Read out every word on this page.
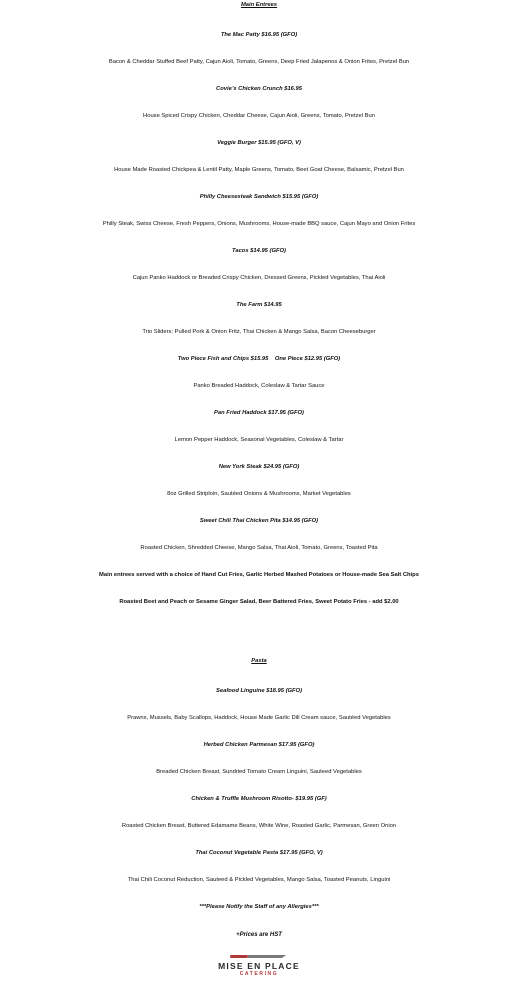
Main Entrees
The Mac Patty $16.95 (GFO)
Bacon & Cheddar Stuffed Beef Patty, Cajun Aioli, Tomato, Greens, Deep Fried Jalapenos & Onion Frites, Pretzel Bun
Covie’s Chicken Crunch $16.95
House Spiced Crispy Chicken, Cheddar Cheese, Cajun Aioli, Greens, Tomato, Pretzel Bun
Veggie Burger $15.95 (GFO, V)
House Made Roasted Chickpea & Lentil Patty, Maple Greens, Tomato, Beet Goat Cheese, Balsamic, Pretzel Bun
Philly Cheesesteak Sandwich $15.95 (GFO)
Philly Steak, Swiss Cheese, Fresh Peppers, Onions, Mushrooms, House-made BBQ sauce, Cajun Mayo and Onion Frites
Tacos $14.95 (GFO)
Cajun Panko Haddock or Breaded Crispy Chicken, Dressed Greens, Pickled Vegetables, Thai Aioli
The Farm $14.95
Trio Sliders: Pulled Pork & Onion Fritz, Thai Chicken & Mango Salsa, Bacon Cheeseburger
Two Piece Fish and Chips $15.95    One Piece $12.95 (GFO)
Panko Breaded Haddock, Coleslaw & Tartar Sauce
Pan Fried Haddock $17.95 (GFO)
Lemon Pepper Haddock, Seasonal Vegetables, Coleslaw & Tartar
New York Steak $24.95 (GFO)
8oz Grilled Striploin, Sautéed Onions & Mushrooms, Market Vegetables
Sweet Chili Thai Chicken Pita $14.95 (GFO)
Roasted Chicken, Shredded Cheese, Mango Salsa, Thai Aioli, Tomato, Greens, Toasted Pita
Main entrees served with a choice of Hand Cut Fries, Garlic Herbed Mashed Potatoes or House-made Sea Salt Chips
Roasted Beet and Peach or Sesame Ginger Salad, Beer Battered Fries, Sweet Potato Fries - add $2.00
Pasta
Seafood Linguine $18.95 (GFO)
Prawns, Mussels, Baby Scallops, Haddock, House Made Garlic Dill Cream sauce, Sautéed Vegetables
Herbed Chicken Parmesan $17.95 (GFO)
Breaded Chicken Breast, Sundried Tomato Cream Linguini, Sauteed Vegetables
Chicken & Truffle Mushroom Risotto- $19.95 (GF)
Roasted Chicken Breast, Buttered Edamame Beans, White Wine, Roasted Garlic, Parmesan, Green Onion
Thai Coconut Vegetable Pasta $17.95 (GFO, V)
Thai Chili Coconut Reduction, Sauteed & Pickled Vegetables, Mango Salsa, Toasted Peanuts, Linguini
***Please Notify the Staff of any Allergies***
+Prices are HST
MISE EN PLACE
CATERING
